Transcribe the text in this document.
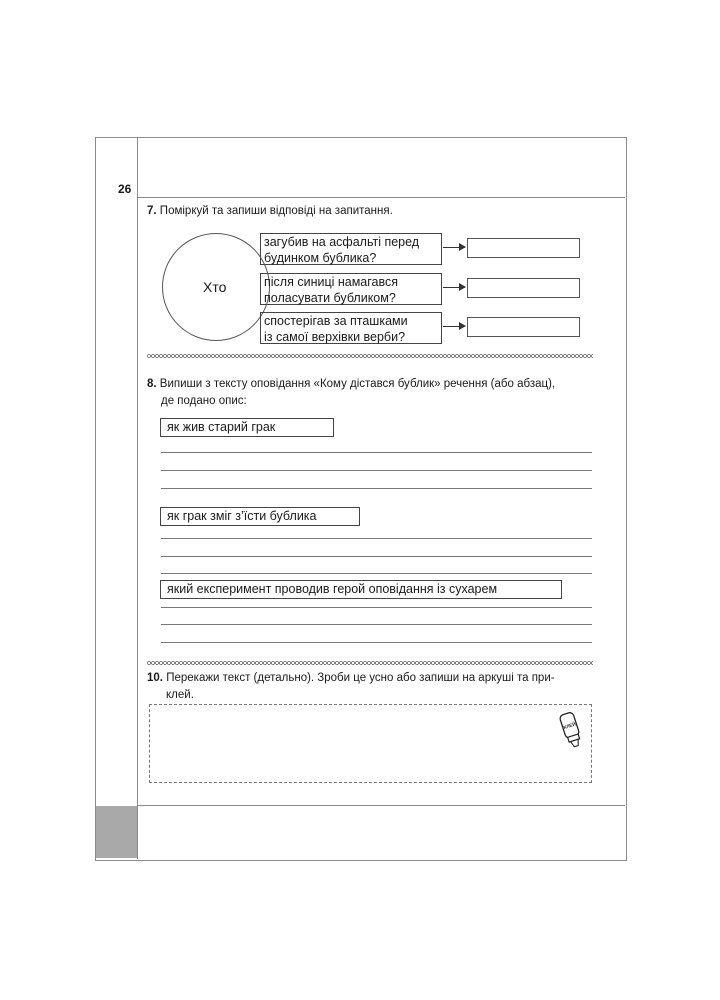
26
7. Поміркуй та запиши відповіді на запитання.
Хто
загубив на асфальті перед
будинком бублика?
після синиці намагався
поласувати бубликом?
спостерігав за пташками
із самої верхівки верби?
8. Випиши з тексту оповідання «Кому дістався бублик» речення (або абзац),
де подано опис:
як жив старий грак
як грак зміг з’їсти бублика
який експеримент проводив герой оповідання із сухарем
10. Перекажи текст (детально). Зроби це усно або запиши на аркуші та при-
клей.
КЛЕЙ
